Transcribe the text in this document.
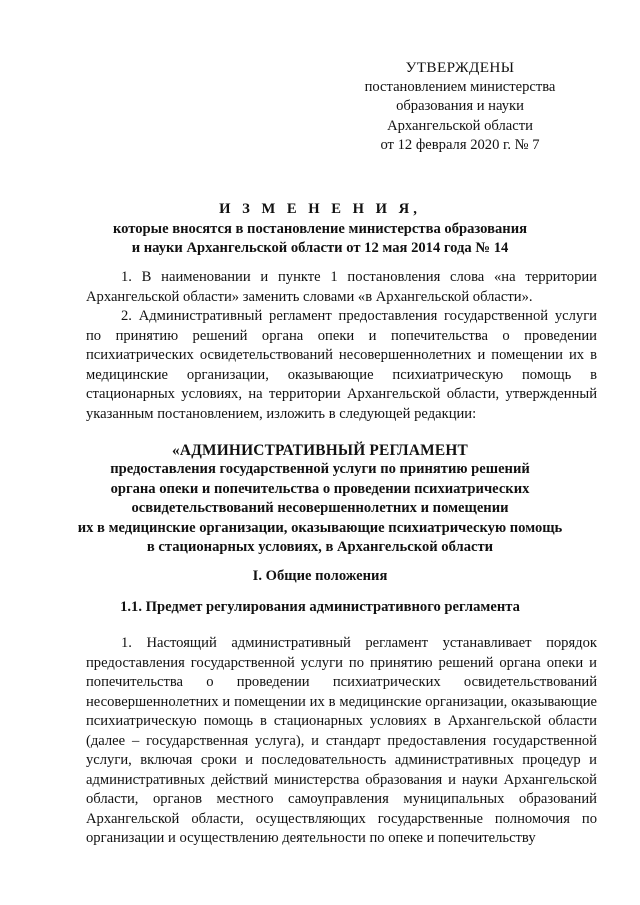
УТВЕРЖДЕНЫ
постановлением министерства
образования и науки
Архангельской области
от 12 февраля 2020 г. № 7
И З М Е Н Е Н И Я,
которые вносятся в постановление министерства образования
и науки Архангельской области от 12 мая 2014 года № 14

1. В наименовании и пункте 1 постановления слова «на территории Архангельской области» заменить словами «в Архангельской области».

2. Административный регламент предоставления государственной услуги по принятию решений органа опеки и попечительства о проведении психиатрических освидетельствований несовершеннолетних и помещении их в медицинские организации, оказывающие психиатрическую помощь в стационарных условиях, на территории Архангельской области, утвержденный указанным постановлением, изложить в следующей редакции:

«АДМИНИСТРАТИВНЫЙ РЕГЛАМЕНТ
предоставления государственной услуги по принятию решений
органа опеки и попечительства о проведении психиатрических
освидетельствований несовершеннолетних и помещении
их в медицинские организации, оказывающие психиатрическую помощь
в стационарных условиях, в Архангельской области
I. Общие положения
1.1. Предмет регулирования административного регламента

1. Настоящий административный регламент устанавливает порядок предоставления государственной услуги по принятию решений органа опеки и попечительства о проведении психиатрических освидетельствований несовершеннолетних и помещении их в медицинские организации, оказывающие психиатрическую помощь в стационарных условиях в Архангельской области (далее – государственная услуга), и стандарт предоставления государственной услуги, включая сроки и последовательность административных процедур и административных действий министерства образования и науки Архангельской области, органов местного самоуправления муниципальных образований Архангельской области, осуществляющих государственные полномочия по организации и осуществлению деятельности по опеке и попечительству
